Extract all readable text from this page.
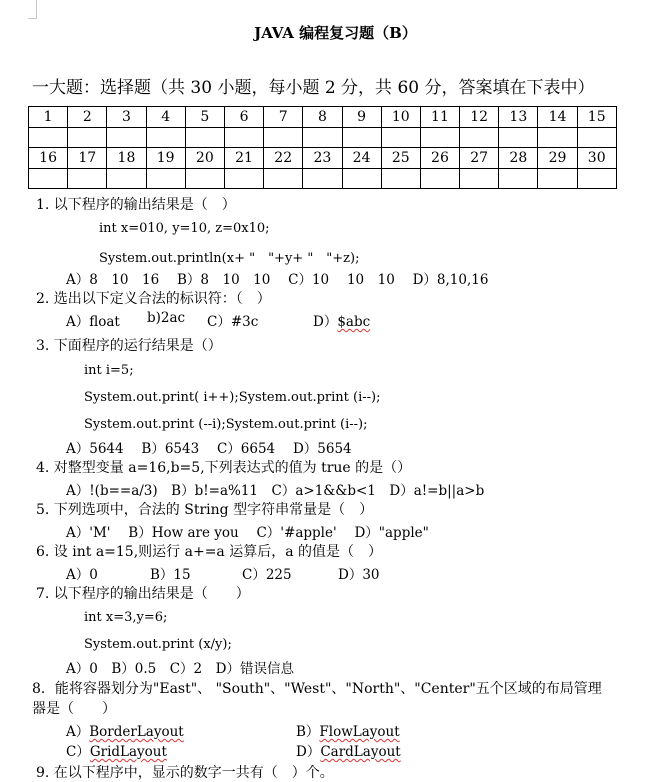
JAVA 编程复习题（B）
一大题：选择题（共 30 小题，每小题 2 分，共 60 分，答案填在下表中）
1	2	3	4	5	6	7	8	9	10	11	12	13	14	15

16	17	18	19	20	21	22	23	24	25	26	27	28	29	30

1. 以下程序的输出结果是（　）
int x=010, y=10, z=0x10;
System.out.println(x+ "　"+y+ "　"+z);
A）8　10　16　 B）8　10　10　 C）10　 10　10　 D）8,10,16
2. 选出以下定义合法的标识符：（　）
A）float b)2ac C）#3c	D）$abc
3. 下面程序的运行结果是（）
int i=5;
System.out.print( i++);System.out.print (i--);
System.out.print (--i);System.out.print (i--);
A）5644　 B）6543　 C）6654　 D）5654
4. 对整型变量 a=16,b=5,下列表达式的值为 true 的是（）
A）!(b==a/3)　B）b!=a%11　C）a>1&&b<1　D）a!=b||a>b
5. 下列选项中，合法的 String 型字符串常量是（　）
A）'M'　 B）How are you　 C）'#apple'　 D）"apple"
6. 设 int a=15,则运行 a+=a 运算后，a 的值是（　）
A）0	B）15	C）225	D）30
7. 以下程序的输出结果是（　　）
int x=3,y=6;
System.out.print (x/y);
A）0　B）0.5　C）2　D）错误信息
8．能将容器划分为"East"、 "South"、"West"、"North"、"Center"五个区域的布局管理
器是（　　）
A）BorderLayout	B）FlowLayout
C）GridLayout	D）CardLayout
9. 在以下程序中，显示的数字一共有（　）个。
